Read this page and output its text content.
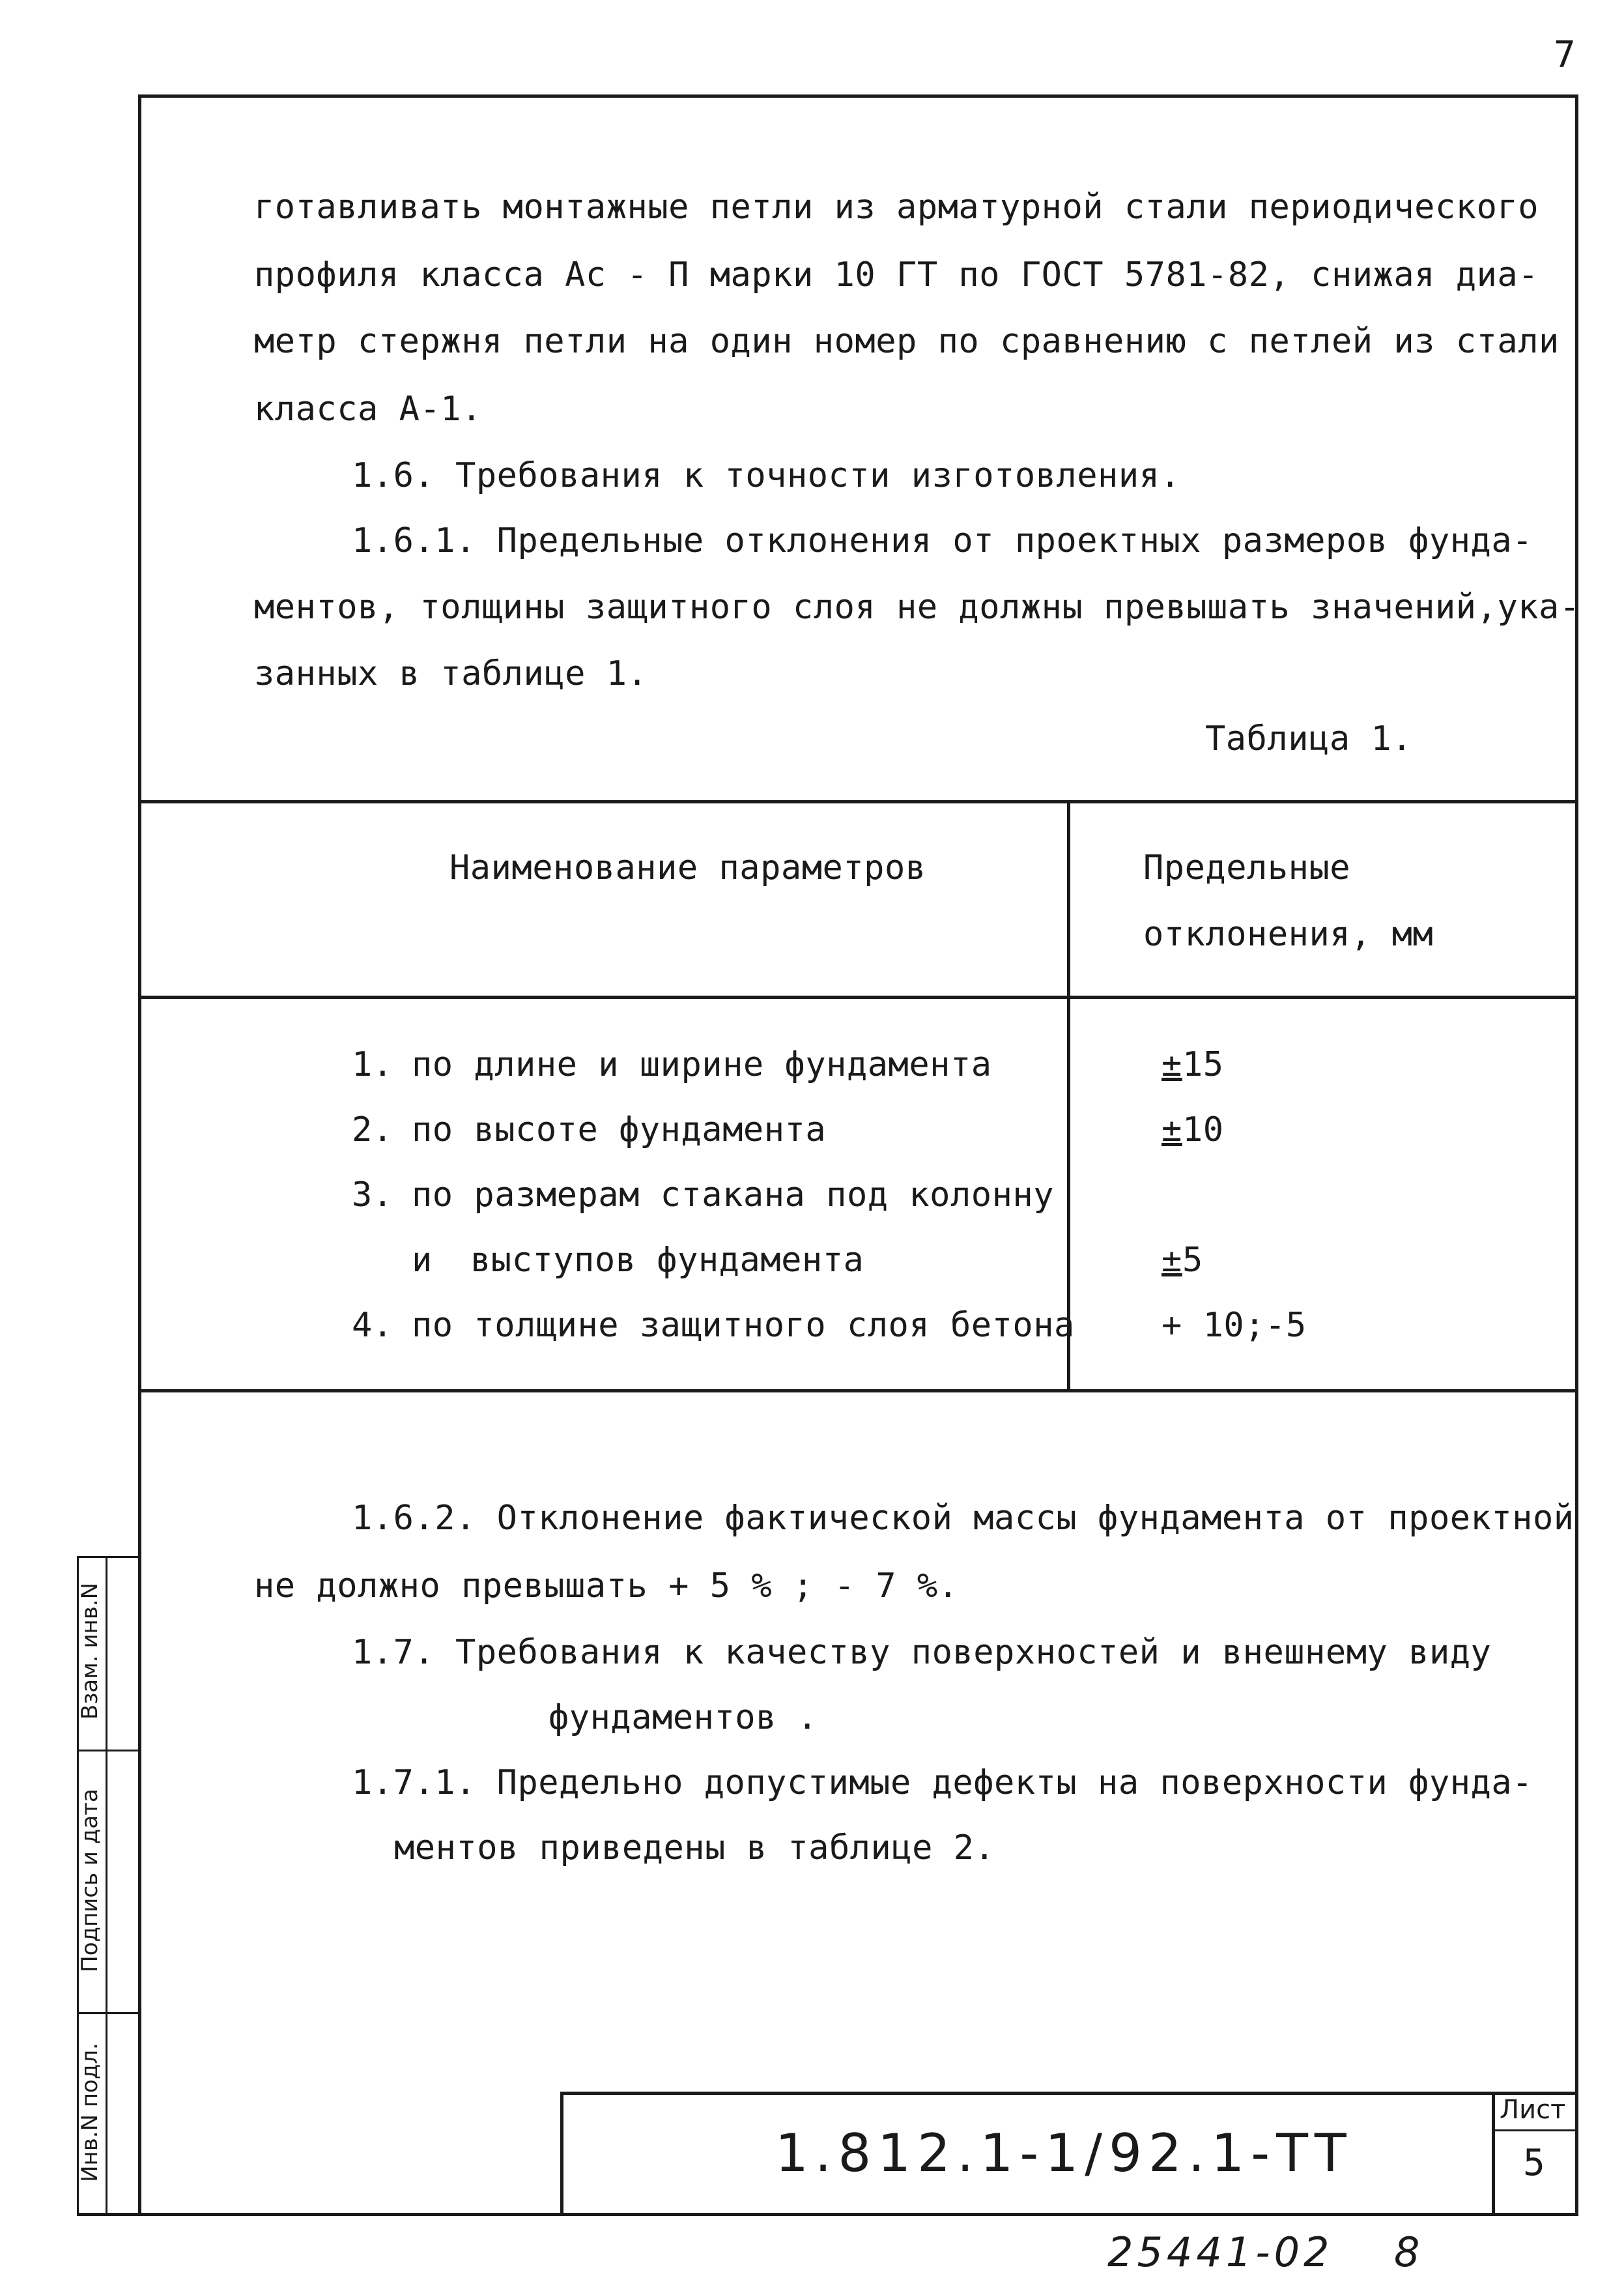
7
готавливать монтажные петли из арматурной стали периодического
профиля класса Ас - П марки 10 ГТ по ГОСТ 5781-82, снижая диа-
метр стержня петли на один номер по сравнению с петлей из стали
класса А-1.
1.6. Требования к точности изготовления.
1.6.1. Предельные отклонения от проектных размеров фунда-
ментов, толщины защитного слоя не должны превышать значений,ука-
занных в таблице 1.
Таблица 1.
Наименование параметров	Предельные
отклонения, мм
1. по длине и ширине фундамента	± 15
2. по высоте фундамента	± 10
3. по размерам стакана под колонну
и выступов фундамента	± 5
4. по толщине защитного слоя бетона	+ 10;-5
1.6.2. Отклонение фактической массы фундамента от проектной
не должно превышать + 5 % ; - 7 %.
1.7. Требования к качеству поверхностей и внешнему виду
фундаментов .
1.7.1. Предельно допустимые дефекты на поверхности фунда-
ментов приведены в таблице 2.
Взам. инв.N
Подпись и дата
Инв.N подл.	1.812.1-1/92.1-ТТ
Лист
5
25441-02 8
